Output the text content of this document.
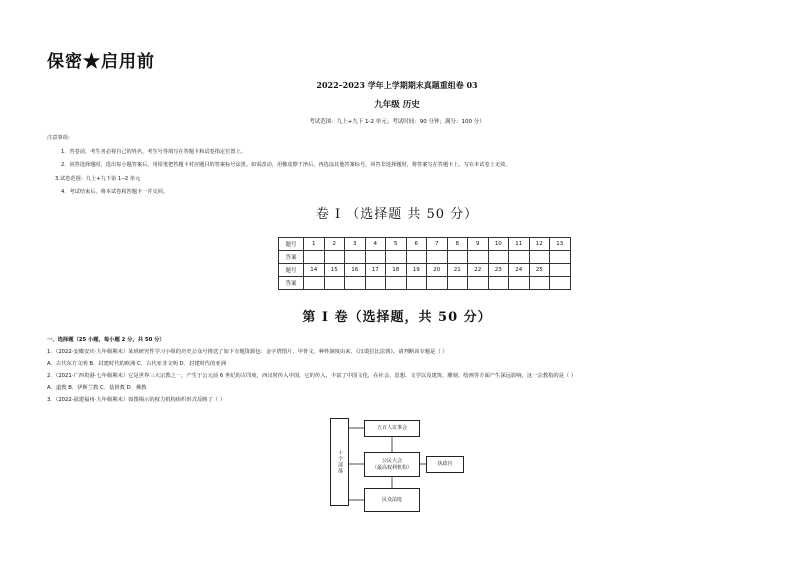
保密★启用前
2022–2023 学年上学期期末真题重组卷 03
九年级 历史
考试范围：九上+九下 1-2 单元；考试时间：90 分钟；满分：100 分）
注意事项：
1．答卷前，考生务必将自己的姓名、考生号等填写在答题卡和试卷指定位置上。
2．回答选择题时，选出每小题答案后，用铅笔把答题卡对应题目的答案标号涂黑。如需改动，用橡皮擦干净后，再选涂其他答案标号。回答非选择题时，将答案写在答题卡上。写在本试卷上无效。
3.试卷范围：九上+九下第 1--2 单元
4．考试结束后，将本试卷和答题卡一并交回。
卷 I （选择题 共 50 分）
题号	1	2	3	4	5	6	7	8	9	10	11	12	13
答案													
题号	14	15	16	17	18	19	20	21	22	23	24	25	
答案													
第 I 卷（选择题，共 50 分）
一、选择题（25 小题，每小题 2 分，共 50 分）
1．（2022·安徽安庆·九年级期末）某班研究性学习小组的历史公众号推送了如下专题资源包：金字塔图片、甲骨文、种姓制度由来、《汉谟拉比法典》。请判断该专题是（ ）
A．古代东方文明 B．封建时代的欧洲 C．古代亚非文明 D．封建时代的亚洲
2．（2021·广西贵港·七年级期末）它是世界三大宗教之一，产生于公元前 6 世纪的古印度，西汉时传入中国，它的传入，丰富了中国文化，在社会、思想、文学以及建筑、雕刻、绘画等方面产生深远影响，这一宗教指的是（ ）
A．道教 B．伊斯兰教 C．基督教 D．佛教
3．（2022·福建福州·九年级期末）如图揭示的权力机构组织形式反映了（ ）
十个部落
五百人议事会
公民大会
（最高权利机构）
执政官
民众法庭
